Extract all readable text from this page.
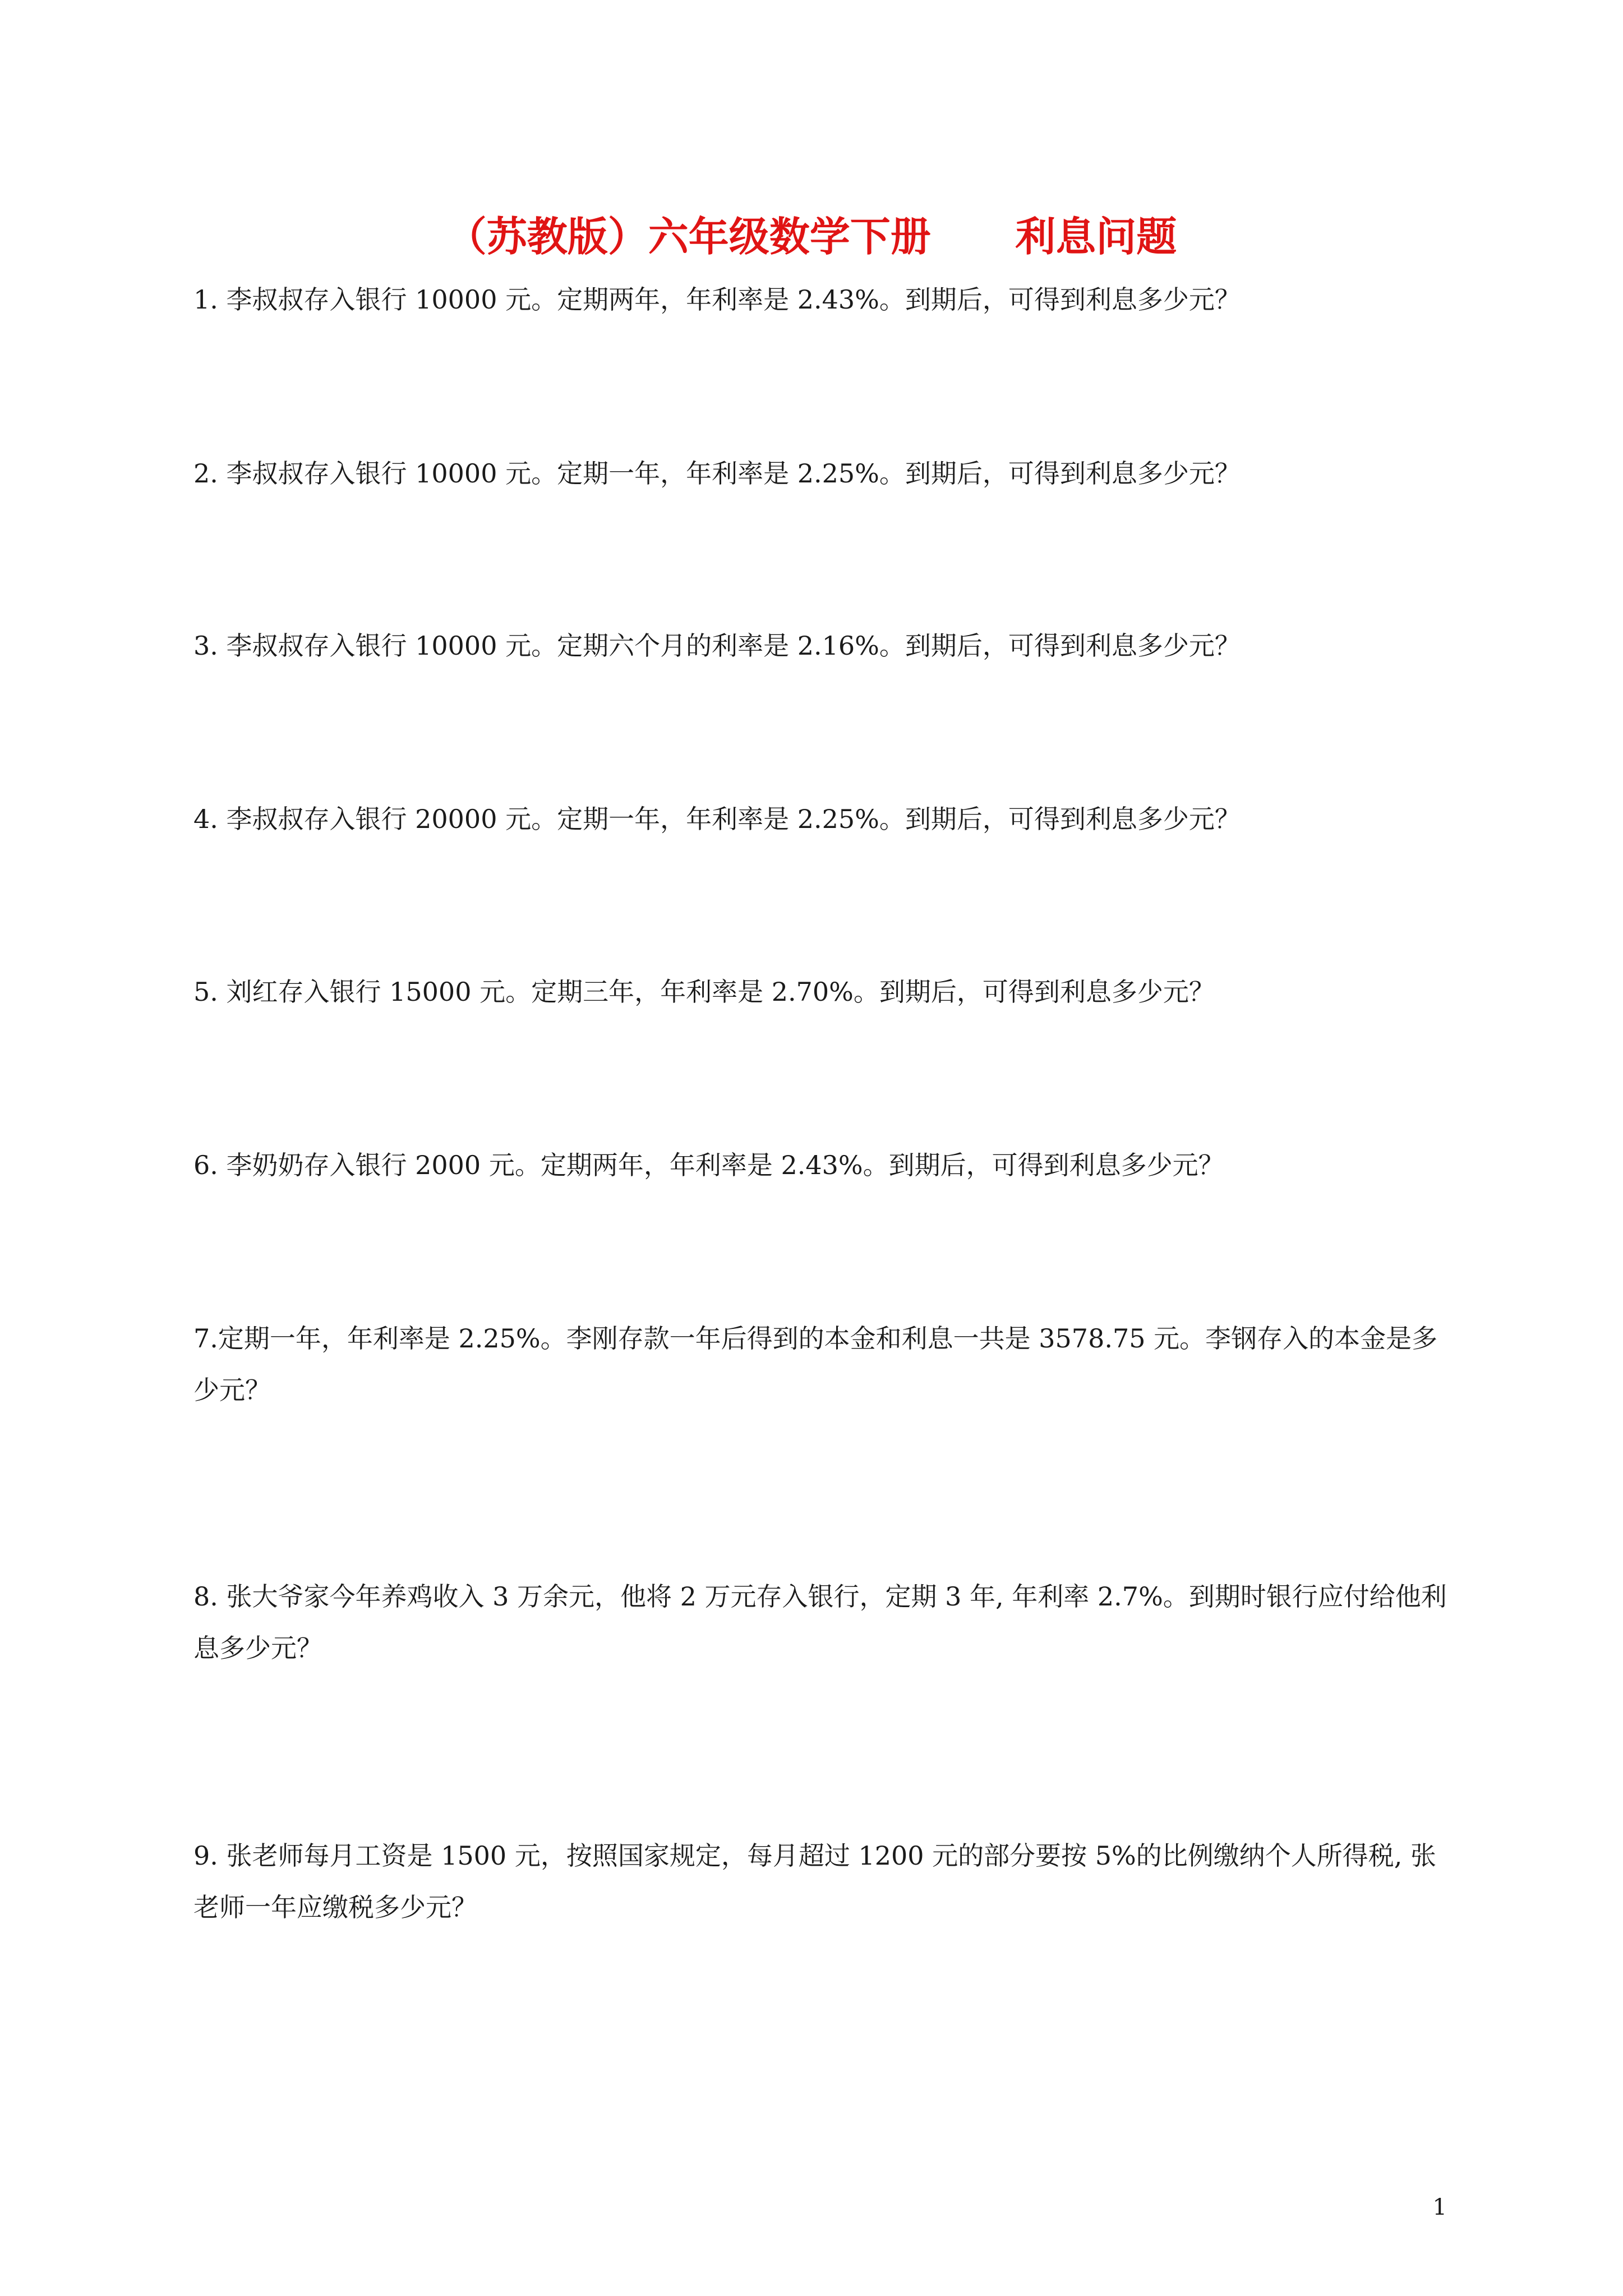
（苏教版）六年级数学下册      利息问题
1. 李叔叔存入银行 10000 元。定期两年，年利率是 2.43%。到期后，可得到利息多少元？
2. 李叔叔存入银行 10000 元。定期一年，年利率是 2.25%。到期后，可得到利息多少元？
3. 李叔叔存入银行 10000 元。定期六个月的利率是 2.16%。到期后，可得到利息多少元？
4. 李叔叔存入银行 20000 元。定期一年，年利率是 2.25%。到期后，可得到利息多少元？
5. 刘红存入银行 15000 元。定期三年，年利率是 2.70%。到期后，可得到利息多少元？
6. 李奶奶存入银行 2000 元。定期两年，年利率是 2.43%。到期后，可得到利息多少元？
7.定期一年，年利率是 2.25%。李刚存款一年后得到的本金和利息一共是 3578.75 元。李钢存入的本金是多少元？
8. 张大爷家今年养鸡收入 3 万余元，他将 2 万元存入银行，定期 3 年, 年利率 2.7%。到期时银行应付给他利息多少元？
9. 张老师每月工资是 1500 元，按照国家规定，每月超过 1200 元的部分要按 5%的比例缴纳个人所得税, 张老师一年应缴税多少元？
1
